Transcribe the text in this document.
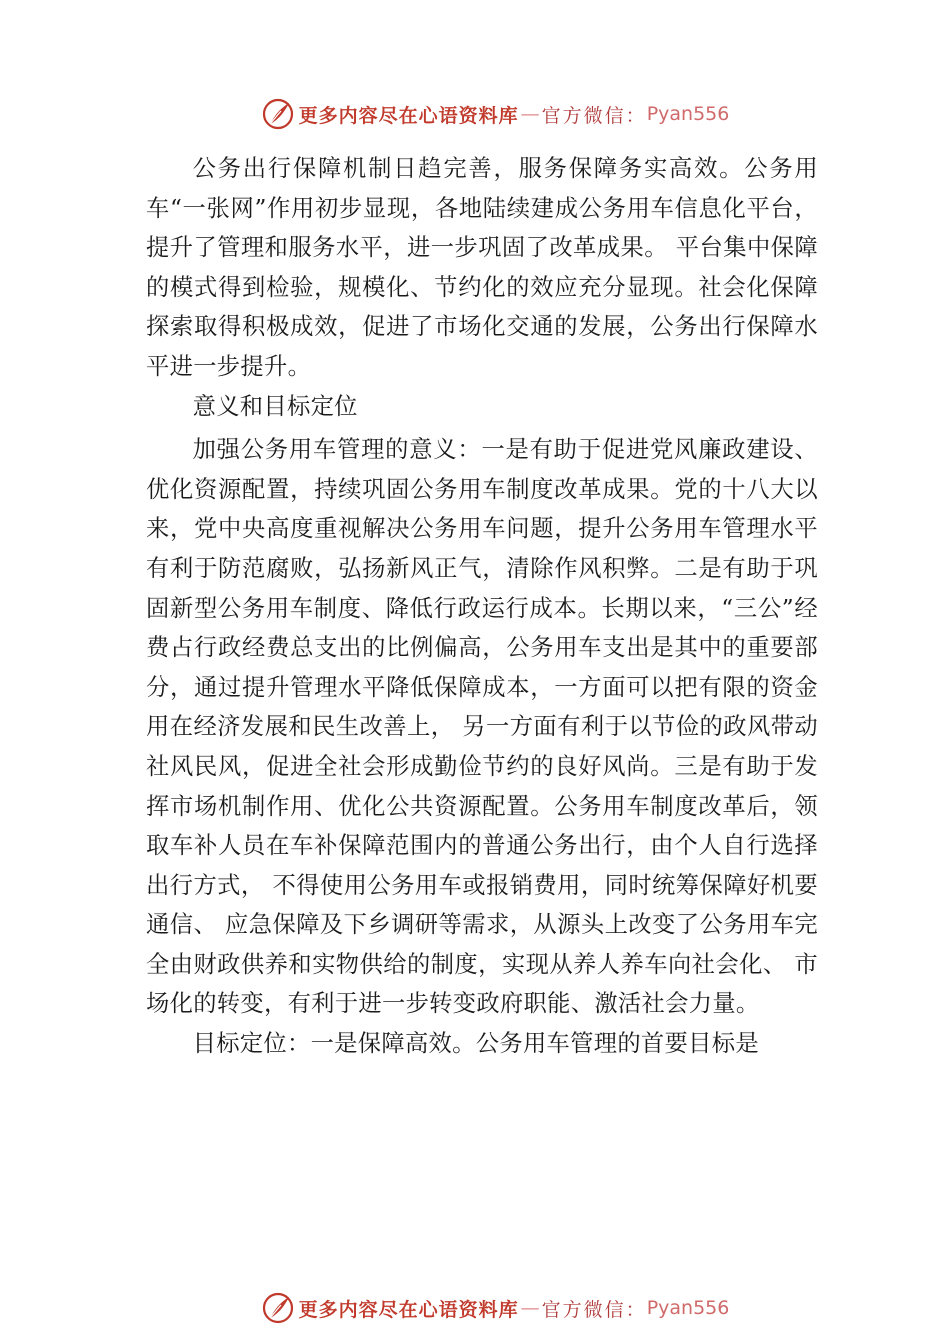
更多内容尽在心语资料库 — 官方微信： Pyan556

公务出行保障机制日趋完善，服务保障务实高效。公务用车“一张网”作用初步显现，各地陆续建成公务用车信息化平台，提升了管理和服务水平，进一步巩固了改革成果。 平台集中保障的模式得到检验，规模化、节约化的效应充分显现。社会化保障探索取得积极成效，促进了市场化交通的发展，公务出行保障水平进一步提升。

意义和目标定位

加强公务用车管理的意义：一是有助于促进党风廉政建设、优化资源配置，持续巩固公务用车制度改革成果。党的十八大以来，党中央高度重视解决公务用车问题，提升公务用车管理水平有利于防范腐败，弘扬新风正气，清除作风积弊。二是有助于巩固新型公务用车制度、降低行政运行成本。长期以来，“三公”经费占行政经费总支出的比例偏高，公务用车支出是其中的重要部分，通过提升管理水平降低保障成本，一方面可以把有限的资金用在经济发展和民生改善上， 另一方面有利于以节俭的政风带动社风民风，促进全社会形成勤俭节约的良好风尚。三是有助于发挥市场机制作用、优化公共资源配置。公务用车制度改革后，领取车补人员在车补保障范围内的普通公务出行，由个人自行选择出行方式， 不得使用公务用车或报销费用，同时统筹保障好机要通信、 应急保障及下乡调研等需求，从源头上改变了公务用车完全由财政供养和实物供给的制度，实现从养人养车向社会化、 市场化的转变，有利于进一步转变政府职能、激活社会力量。

目标定位：一是保障高效。公务用车管理的首要目标是

更多内容尽在心语资料库 — 官方微信： Pyan556
